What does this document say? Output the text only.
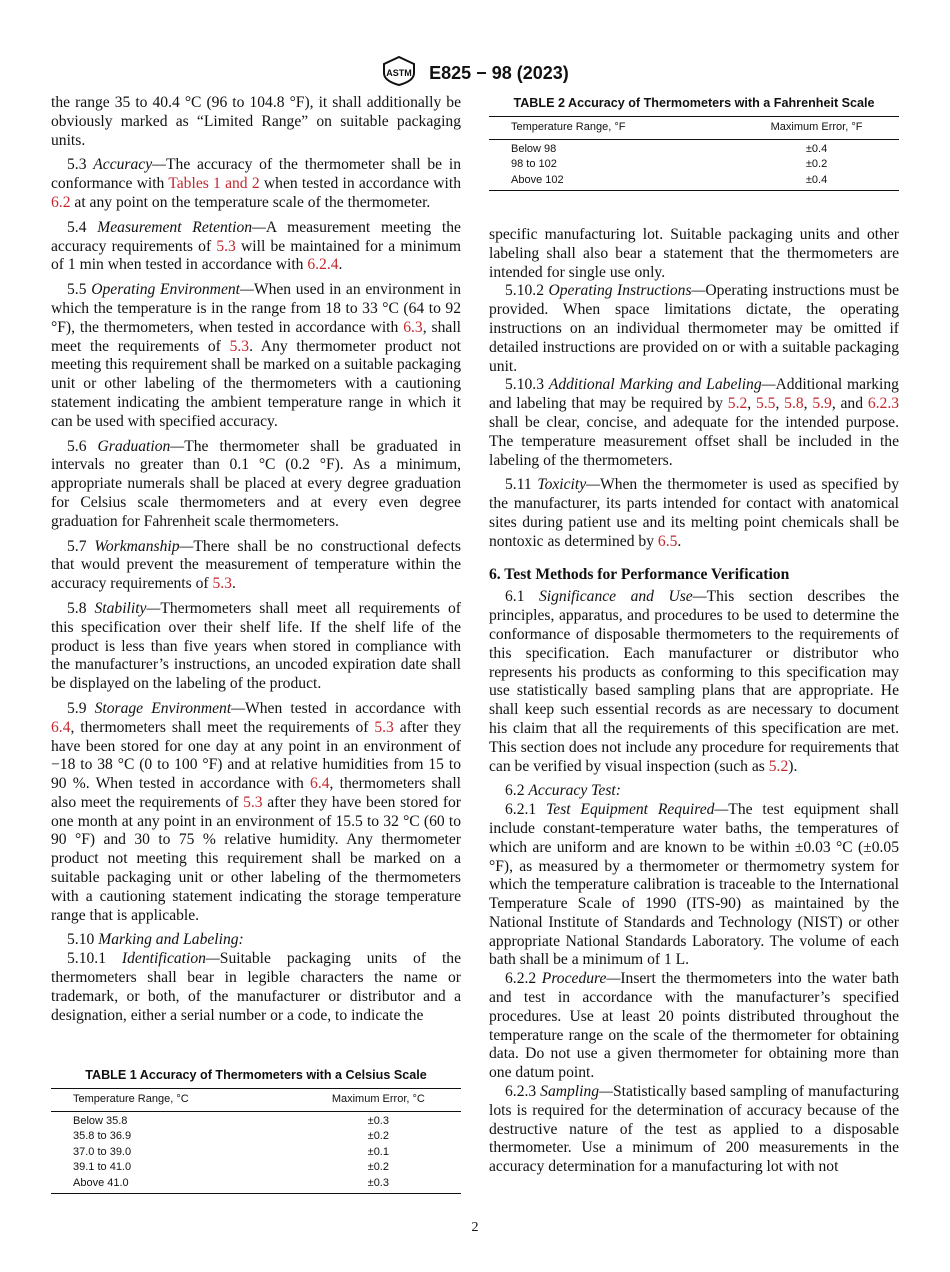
ASTM E825 − 98 (2023)

the range 35 to 40.4 °C (96 to 104.8 °F), it shall additionally be obviously marked as “Limited Range” on suitable packaging units.

5.3 Accuracy—The accuracy of the thermometer shall be in conformance with Tables 1 and 2 when tested in accordance with 6.2 at any point on the temperature scale of the thermometer.

5.4 Measurement Retention—A measurement meeting the accuracy requirements of 5.3 will be maintained for a minimum of 1 min when tested in accordance with 6.2.4.

5.5 Operating Environment—When used in an environment in which the temperature is in the range from 18 to 33 °C (64 to 92 °F), the thermometers, when tested in accordance with 6.3, shall meet the requirements of 5.3. Any thermometer product not meeting this requirement shall be marked on a suitable packaging unit or other labeling of the thermometers with a cautioning statement indicating the ambient temperature range in which it can be used with specified accuracy.

5.6 Graduation—The thermometer shall be graduated in intervals no greater than 0.1 °C (0.2 °F). As a minimum, appropriate numerals shall be placed at every degree graduation for Celsius scale thermometers and at every even degree graduation for Fahrenheit scale thermometers.

5.7 Workmanship—There shall be no constructional defects that would prevent the measurement of temperature within the accuracy requirements of 5.3.

5.8 Stability—Thermometers shall meet all requirements of this specification over their shelf life. If the shelf life of the product is less than five years when stored in compliance with the manufacturer’s instructions, an uncoded expiration date shall be displayed on the labeling of the product.

5.9 Storage Environment—When tested in accordance with 6.4, thermometers shall meet the requirements of 5.3 after they have been stored for one day at any point in an environment of −18 to 38 °C (0 to 100 °F) and at relative humidities from 15 to 90 %. When tested in accordance with 6.4, thermometers shall also meet the requirements of 5.3 after they have been stored for one month at any point in an environment of 15.5 to 32 °C (60 to 90 °F) and 30 to 75 % relative humidity. Any thermometer product not meeting this requirement shall be marked on a suitable packaging unit or other labeling of the thermometers with a cautioning statement indicating the storage temperature range that is applicable.

5.10 Marking and Labeling:

5.10.1 Identification—Suitable packaging units of the thermometers shall bear in legible characters the name or trademark, or both, of the manufacturer or distributor and a designation, either a serial number or a code, to indicate the

TABLE 1 Accuracy of Thermometers with a Celsius Scale

Temperature Range, °C	Maximum Error, °C
Below 35.8	±0.3
35.8 to 36.9	±0.2
37.0 to 39.0	±0.1
39.1 to 41.0	±0.2
Above 41.0	±0.3

TABLE 2 Accuracy of Thermometers with a Fahrenheit Scale

Temperature Range, °F	Maximum Error, °F
Below 98	±0.4
98 to 102	±0.2
Above 102	±0.4

specific manufacturing lot. Suitable packaging units and other labeling shall also bear a statement that the thermometers are intended for single use only.

5.10.2 Operating Instructions—Operating instructions must be provided. When space limitations dictate, the operating instructions on an individual thermometer may be omitted if detailed instructions are provided on or with a suitable packaging unit.

5.10.3 Additional Marking and Labeling—Additional marking and labeling that may be required by 5.2, 5.5, 5.8, 5.9, and 6.2.3 shall be clear, concise, and adequate for the intended purpose. The temperature measurement offset shall be included in the labeling of the thermometers.

5.11 Toxicity—When the thermometer is used as specified by the manufacturer, its parts intended for contact with anatomical sites during patient use and its melting point chemicals shall be nontoxic as determined by 6.5.

6. Test Methods for Performance Verification

6.1 Significance and Use—This section describes the principles, apparatus, and procedures to be used to determine the conformance of disposable thermometers to the requirements of this specification. Each manufacturer or distributor who represents his products as conforming to this specification may use statistically based sampling plans that are appropriate. He shall keep such essential records as are necessary to document his claim that all the requirements of this specification are met. This section does not include any procedure for requirements that can be verified by visual inspection (such as 5.2).

6.2 Accuracy Test:

6.2.1 Test Equipment Required—The test equipment shall include constant-temperature water baths, the temperatures of which are uniform and are known to be within ±0.03 °C (±0.05 °F), as measured by a thermometer or thermometry system for which the temperature calibration is traceable to the International Temperature Scale of 1990 (ITS-90) as maintained by the National Institute of Standards and Technology (NIST) or other appropriate National Standards Laboratory. The volume of each bath shall be a minimum of 1 L.

6.2.2 Procedure—Insert the thermometers into the water bath and test in accordance with the manufacturer’s specified procedures. Use at least 20 points distributed throughout the temperature range on the scale of the thermometer for obtaining data. Do not use a given thermometer for obtaining more than one datum point.

6.2.3 Sampling—Statistically based sampling of manufacturing lots is required for the determination of accuracy because of the destructive nature of the test as applied to a disposable thermometer. Use a minimum of 200 measurements in the accuracy determination for a manufacturing lot with not

2
